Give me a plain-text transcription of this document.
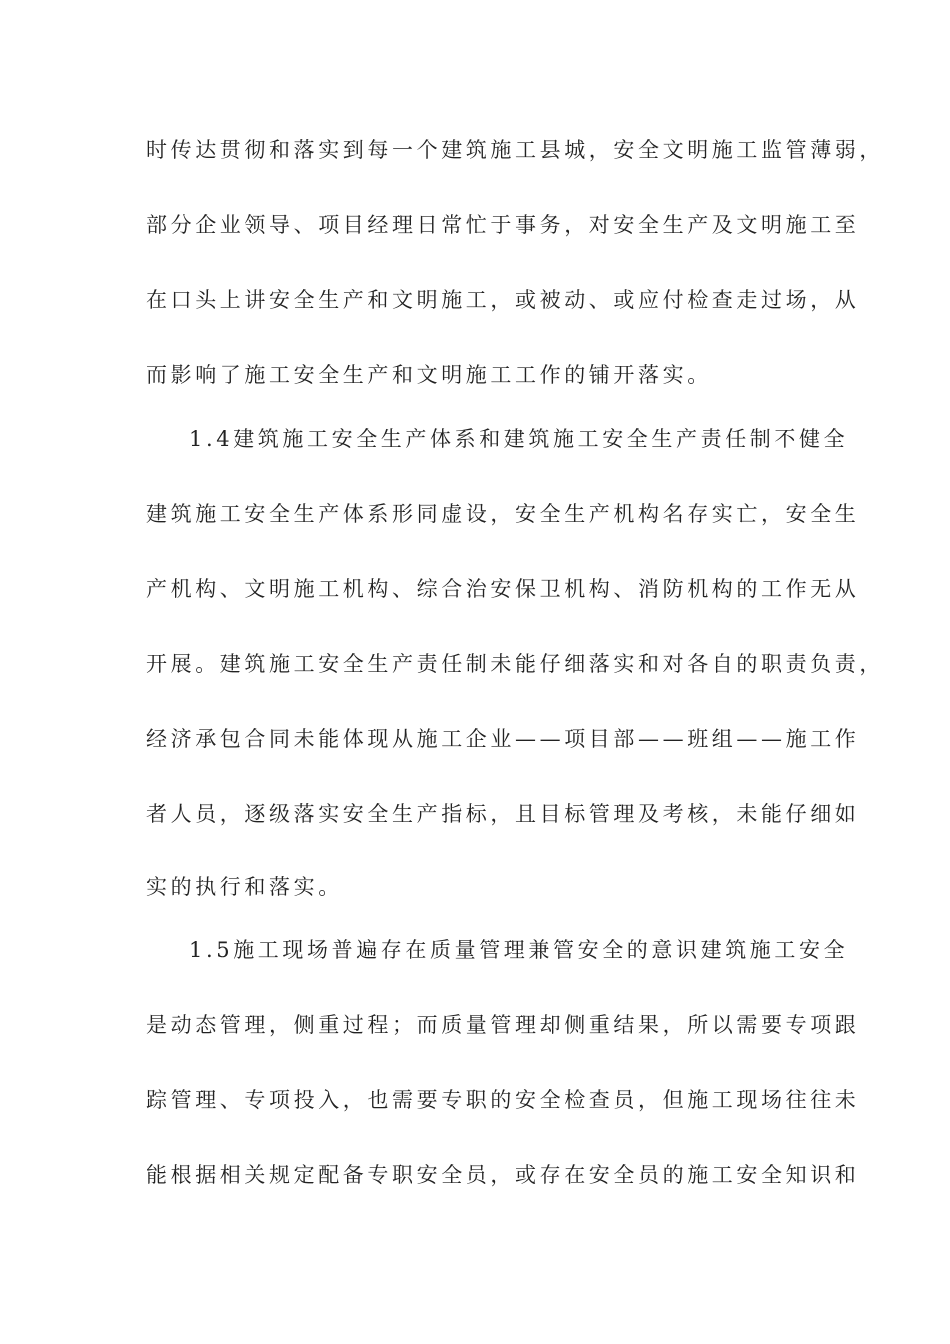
时传达贯彻和落实到每一个建筑施工县城，安全文明施工监管薄弱，
部分企业领导、项目经理日常忙于事务，对安全生产及文明施工至
在口头上讲安全生产和文明施工，或被动、或应付检查走过场，从
而影响了施工安全生产和文明施工工作的铺开落实。
1.4建筑施工安全生产体系和建筑施工安全生产责任制不健全
建筑施工安全生产体系形同虚设，安全生产机构名存实亡，安全生
产机构、文明施工机构、综合治安保卫机构、消防机构的工作无从
开展。建筑施工安全生产责任制未能仔细落实和对各自的职责负责，
经济承包合同未能体现从施工企业——项目部——班组——施工作
者人员，逐级落实安全生产指标，且目标管理及考核，未能仔细如
实的执行和落实。
1.5施工现场普遍存在质量管理兼管安全的意识建筑施工安全
是动态管理，侧重过程；而质量管理却侧重结果，所以需要专项跟
踪管理、专项投入，也需要专职的安全检查员，但施工现场往往未
能根据相关规定配备专职安全员，或存在安全员的施工安全知识和
